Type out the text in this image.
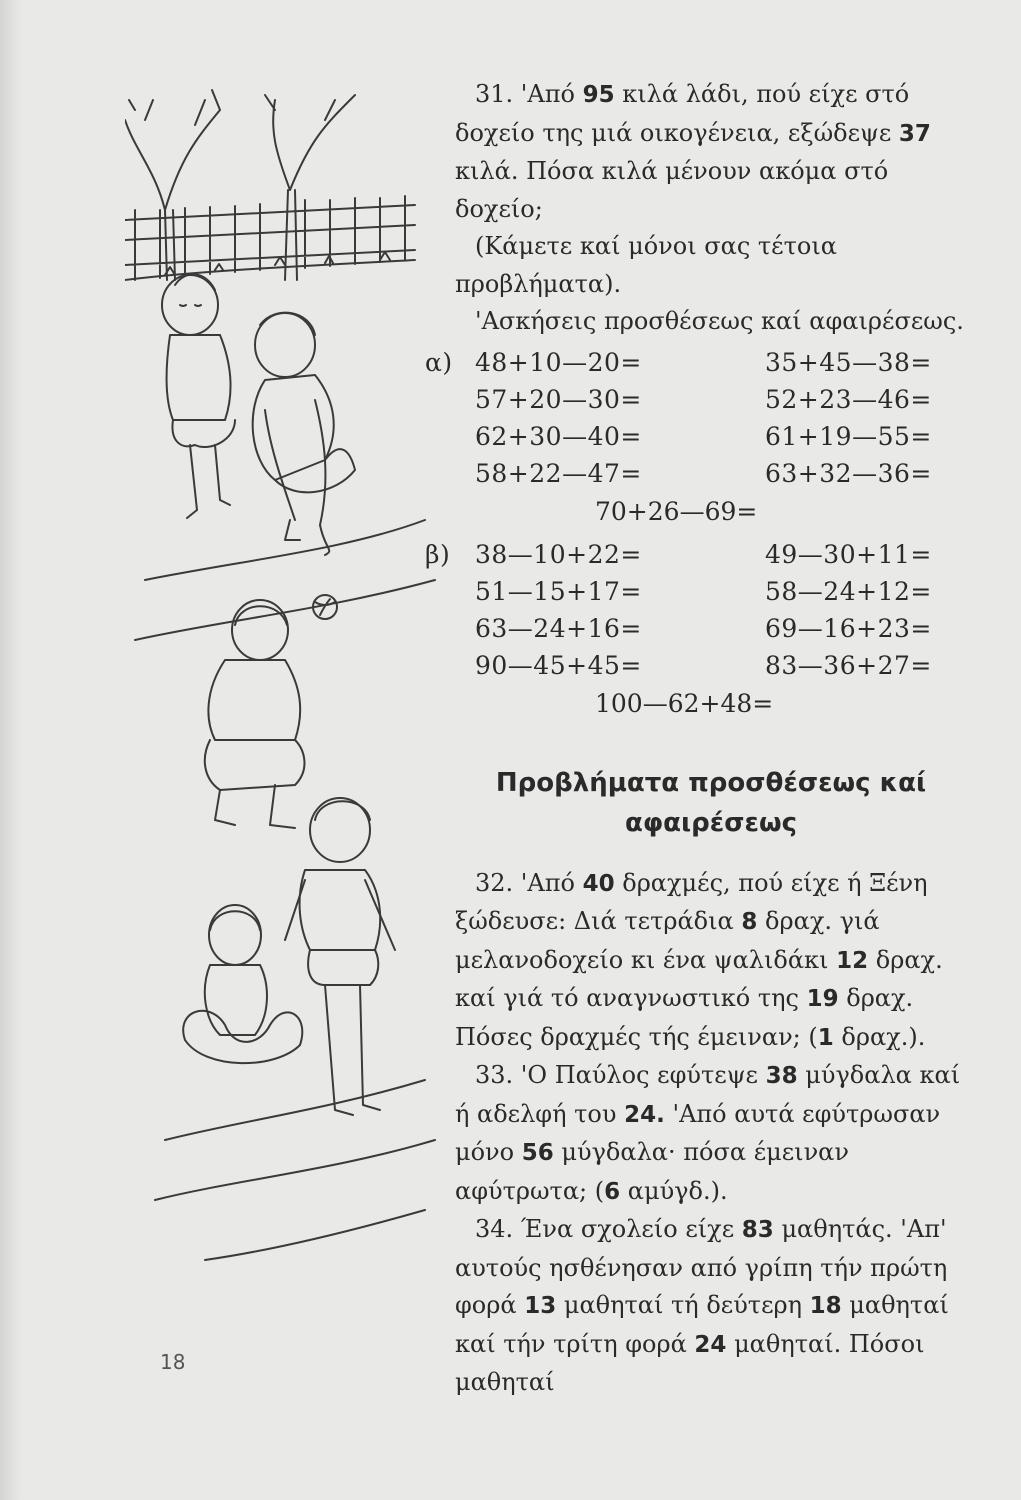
31. 'Από 95 κιλά λάδι, πού είχε στό δοχείο της μιά οικογένεια, εξώδεψε 37 κιλά. Πόσα κιλά μένουν ακόμα στό δοχείο;

(Κάμετε καί μόνοι σας τέτοια προβλήματα).

'Ασκήσεις προσθέσεως καί αφαιρέσεως.

α) 48+10—20=	35+45—38=
57+20—30=	52+23—46=
62+30—40=	61+19—55=
58+22—47=	63+32—36=
70+26—69=
β) 38—10+22=	49—30+11=
51—15+17=	58—24+12=
63—24+16=	69—16+23=
90—45+45=	83—36+27=
100—62+48=
Προβλήματα προσθέσεως καί
αφαιρέσεως

32. 'Από 40 δραχμές, πού είχε ή Ξένη ξώδευσε: Διά τετράδια 8 δραχ. γιά μελανοδοχείο κι ένα ψαλιδάκι 12 δραχ. καί γιά τό αναγνωστικό της 19 δραχ. Πόσες δραχμές τής έμειναν; (1 δραχ.).

33. 'Ο Παύλος εφύτεψε 38 μύγδαλα καί ή αδελφή του 24. 'Από αυτά εφύτρωσαν μόνο 56 μύγδαλα· πόσα έμειναν αφύτρωτα; (6 αμύγδ.).

34. Ένα σχολείο είχε 83 μαθητάς. 'Απ' αυτούς ησθένησαν από γρίπη τήν πρώτη φορά 13 μαθηταί τή δεύτερη 18 μαθηταί καί τήν τρίτη φορά 24 μαθηταί. Πόσοι μαθηταί

18
